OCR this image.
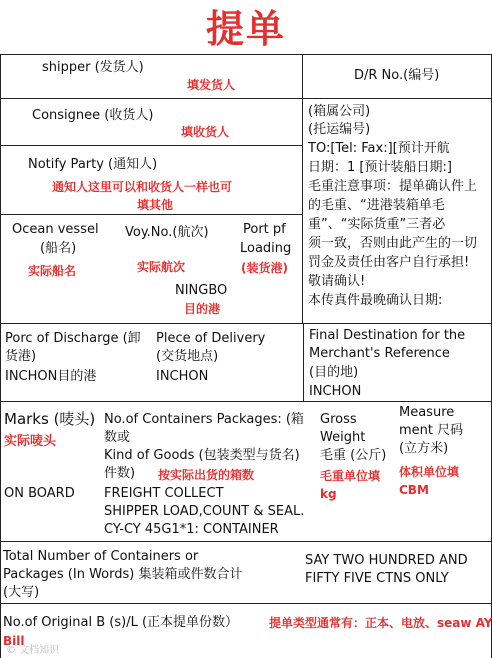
提单
shipper (发货人)
填发货人
D/R No.(编号)
Consignee (收货人)
填收货人
Notify Party (通知人)
通知人这里可以和收货人一样也可
填其他
(箱属公司)
(托运编号)
TO:[Tel: Fax:][预计开航
日期：1 [预计装船日期:]
毛重注意事项：提单确认件上
的毛重、“进港装箱单毛
重”、“实际货重”三者必
须一致，否则由此产生的一切
罚金及责任由客户自行承担!
敬请确认!
本传真件最晚确认日期:
Ocean vessel
(船名)
实际船名
Voy.No.(航次)
实际航次
Port pf
Loading
(装货港)
NINGBO
目的港
Porc of Discharge (卸
货港)
INCHON目的港
Plece of Delivery
(交货地点)
INCHON
Final Destination for the
Merchant's Reference
(目的地)
INCHON
Marks (唛头)
实际唛头
ON BOARD
No.of Containers Packages: (箱
数或
Kind of Goods (包装类型与货名)
件数) 按实际出货的箱数
FREIGHT COLLECT
SHIPPER LOAD,COUNT & SEAL.
CY-CY 45G1*1: CONTAINER
Gross
Weight
毛重 (公斤)
毛重单位填
kg
Measure
ment 尺码
(立方米)
体积单位填
CBM
Total Number of Containers or
Packages (In Words) 集装箱或件数合计
(大写)
SAY TWO HUNDRED AND
FIFTY FIVE CTNS ONLY
No.of Original B (s)/L (正本提单份数）	提单类型通常有：正本、电放、seaw AY
Bill
© 文档知识
